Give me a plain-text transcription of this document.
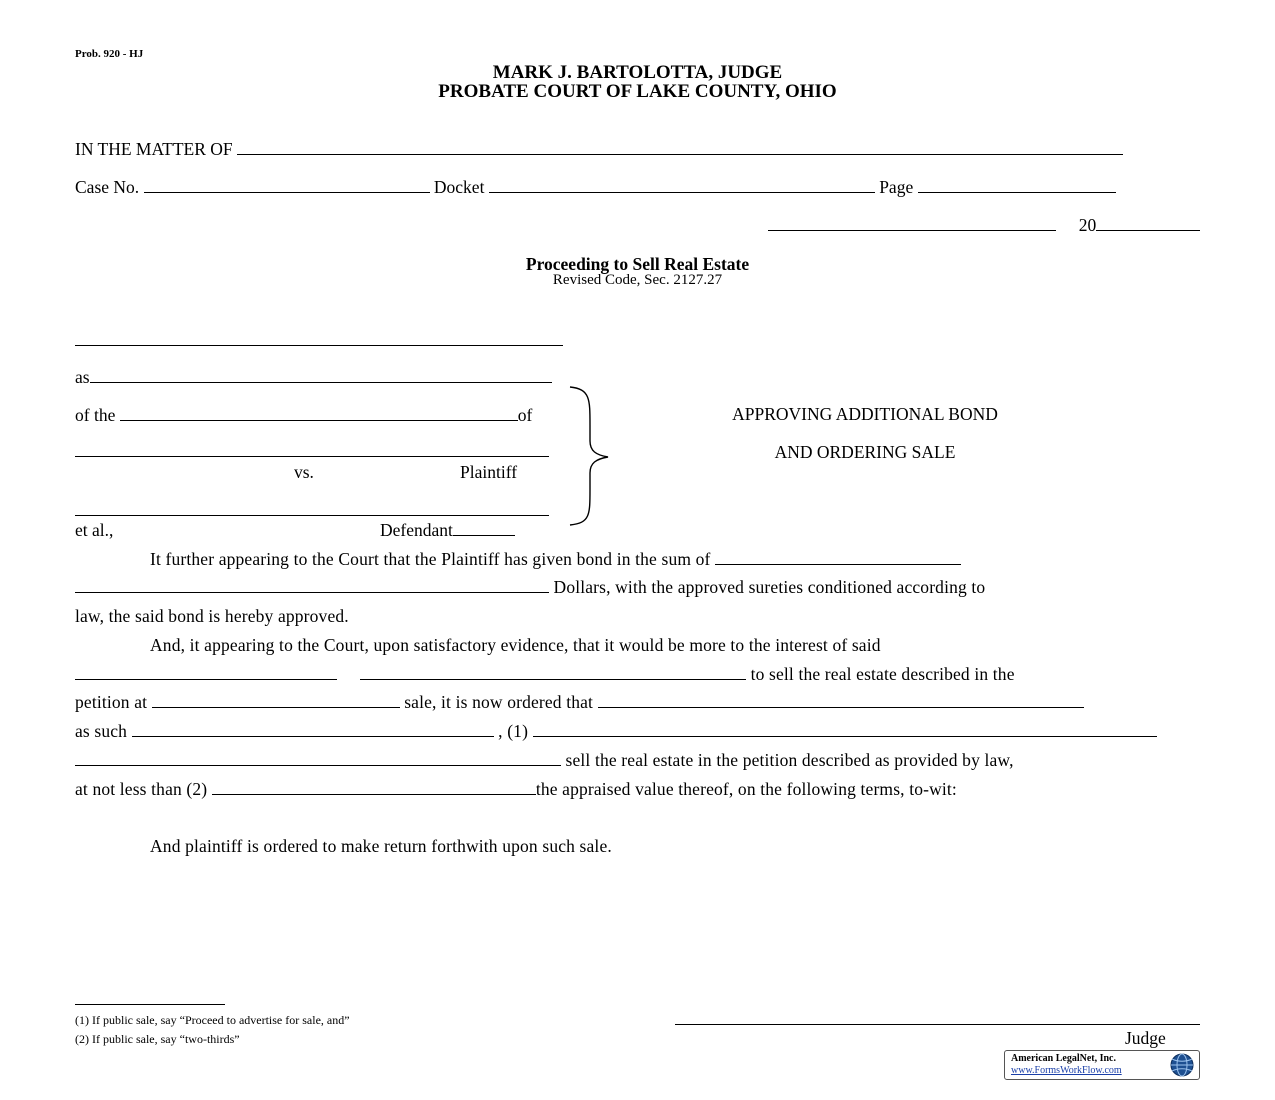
Prob. 920 - HJ
MARK J. BARTOLOTTA, JUDGE
PROBATE COURT OF LAKE COUNTY, OHIO
IN THE MATTER OF
Case No.	Docket	Page
20
Proceeding to Sell Real Estate
Revised Code, Sec. 2127.27
as
of the	of
vs.	Plaintiff
et al.,	Defendant
APPROVING ADDITIONAL BOND
AND ORDERING SALE
It further appearing to the Court that the Plaintiff has given bond in the sum of
Dollars, with the approved sureties conditioned according to
law, the said bond is hereby approved.
And, it appearing to the Court, upon satisfactory evidence, that it would be more to the interest of said
to sell the real estate described in the
petition at	sale, it is now ordered that
as such	, (1)
sell the real estate in the petition described as provided by law,
at not less than (2)	the appraised value thereof, on the following terms, to-wit:
And plaintiff is ordered to make return forthwith upon such sale.
(1) If public sale, say “Proceed to advertise for sale, and”
(2) If public sale, say “two-thirds”	Judge
American LegalNet, Inc.
www.FormsWorkFlow.com
